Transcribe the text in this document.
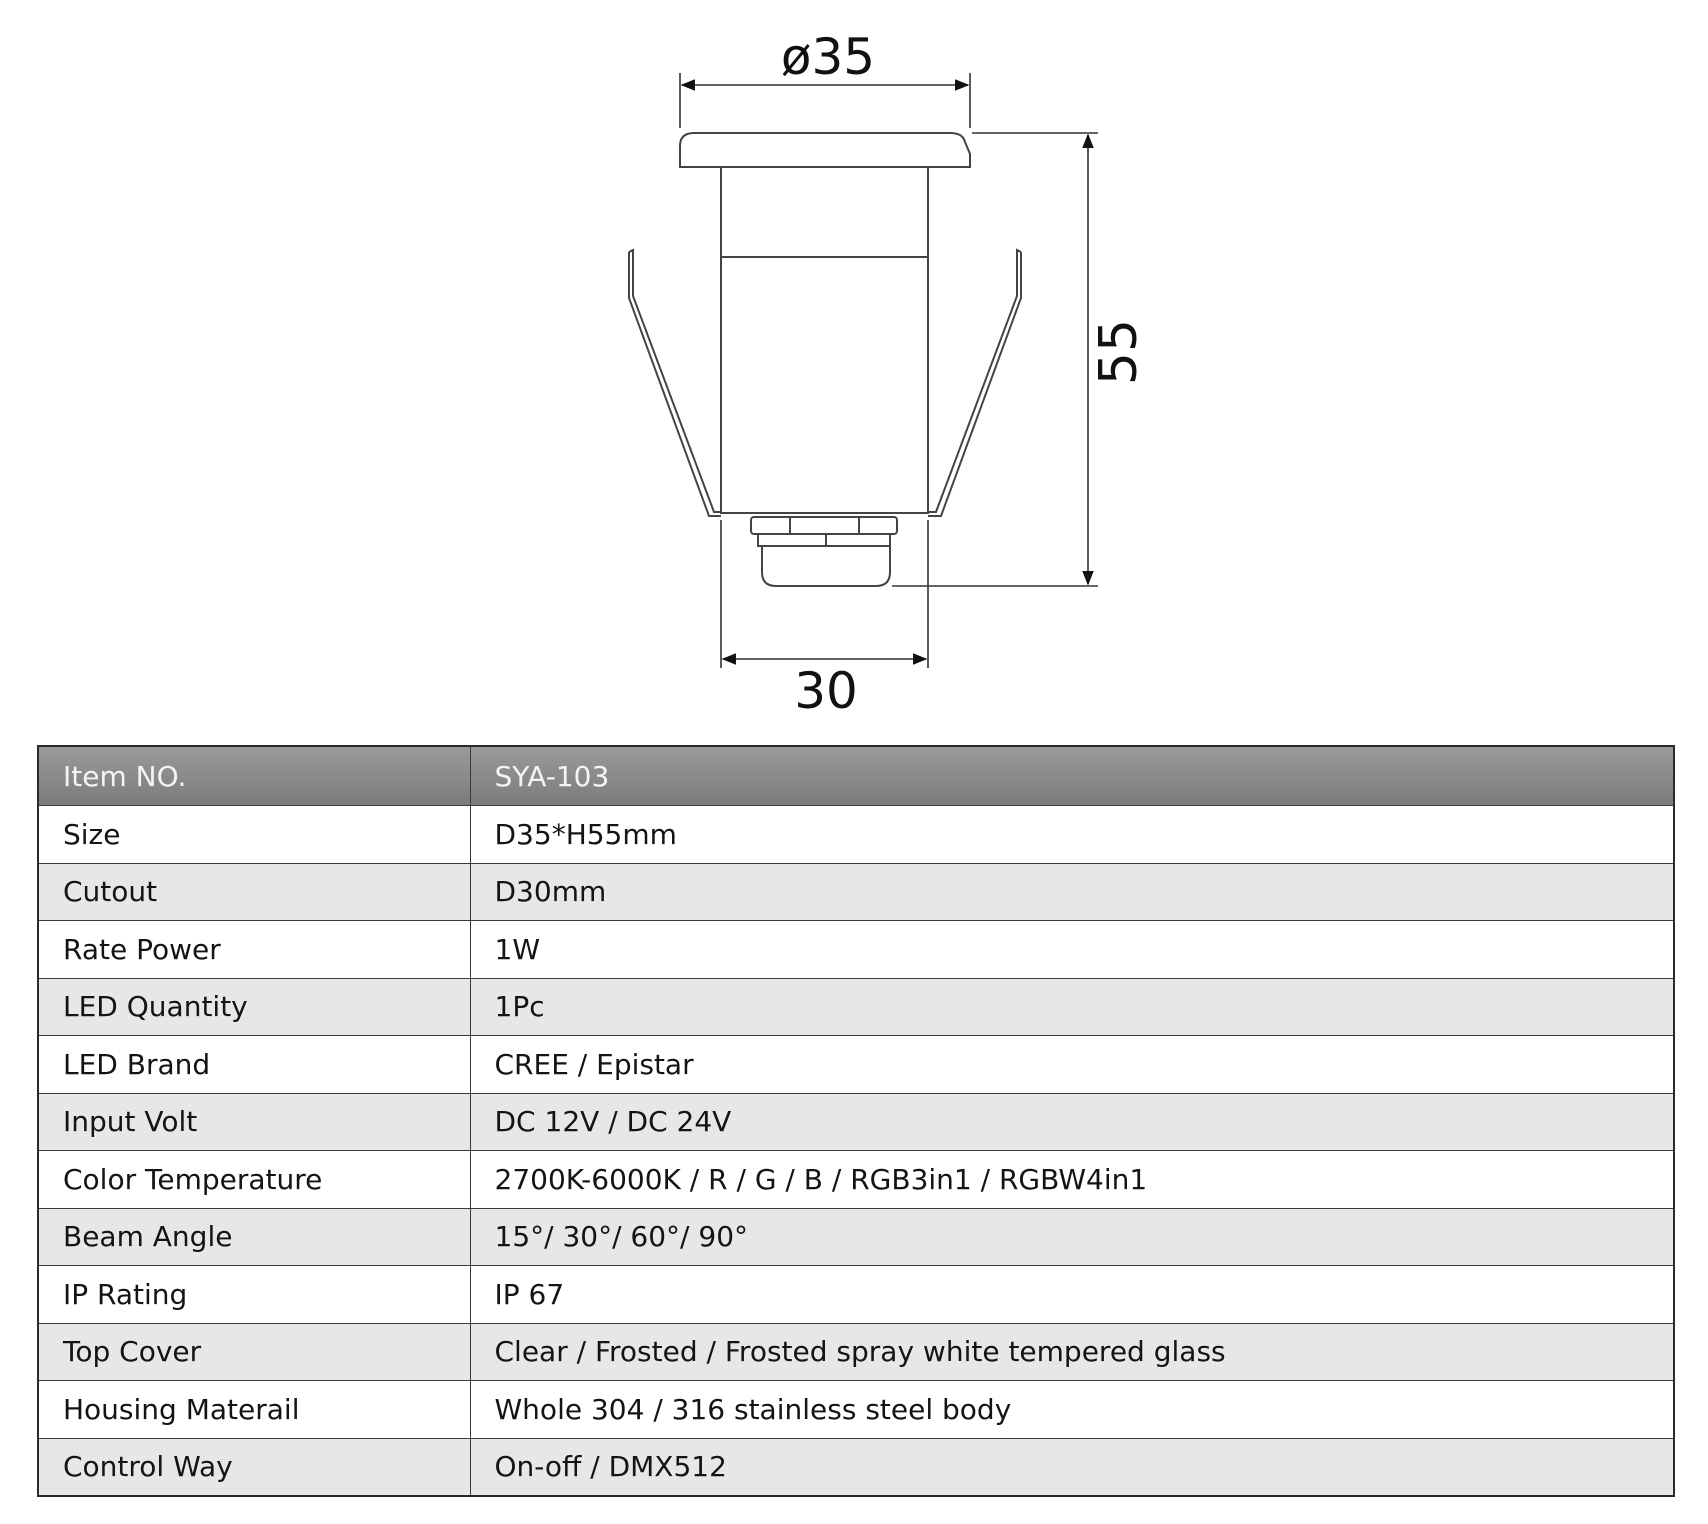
ø35
55
30
Item NO.	SYA-103
Size	D35*H55mm
Cutout	D30mm
Rate Power	1W
LED Quantity	1Pc
LED Brand	CREE / Epistar
Input Volt	DC 12V / DC 24V
Color Temperature	2700K-6000K / R / G / B / RGB3in1 / RGBW4in1
Beam Angle	15°/ 30°/ 60°/ 90°
IP Rating	IP 67
Top Cover	Clear / Frosted / Frosted spray white tempered glass
Housing Materail	Whole 304 / 316 stainless steel body
Control Way	On-off / DMX512
